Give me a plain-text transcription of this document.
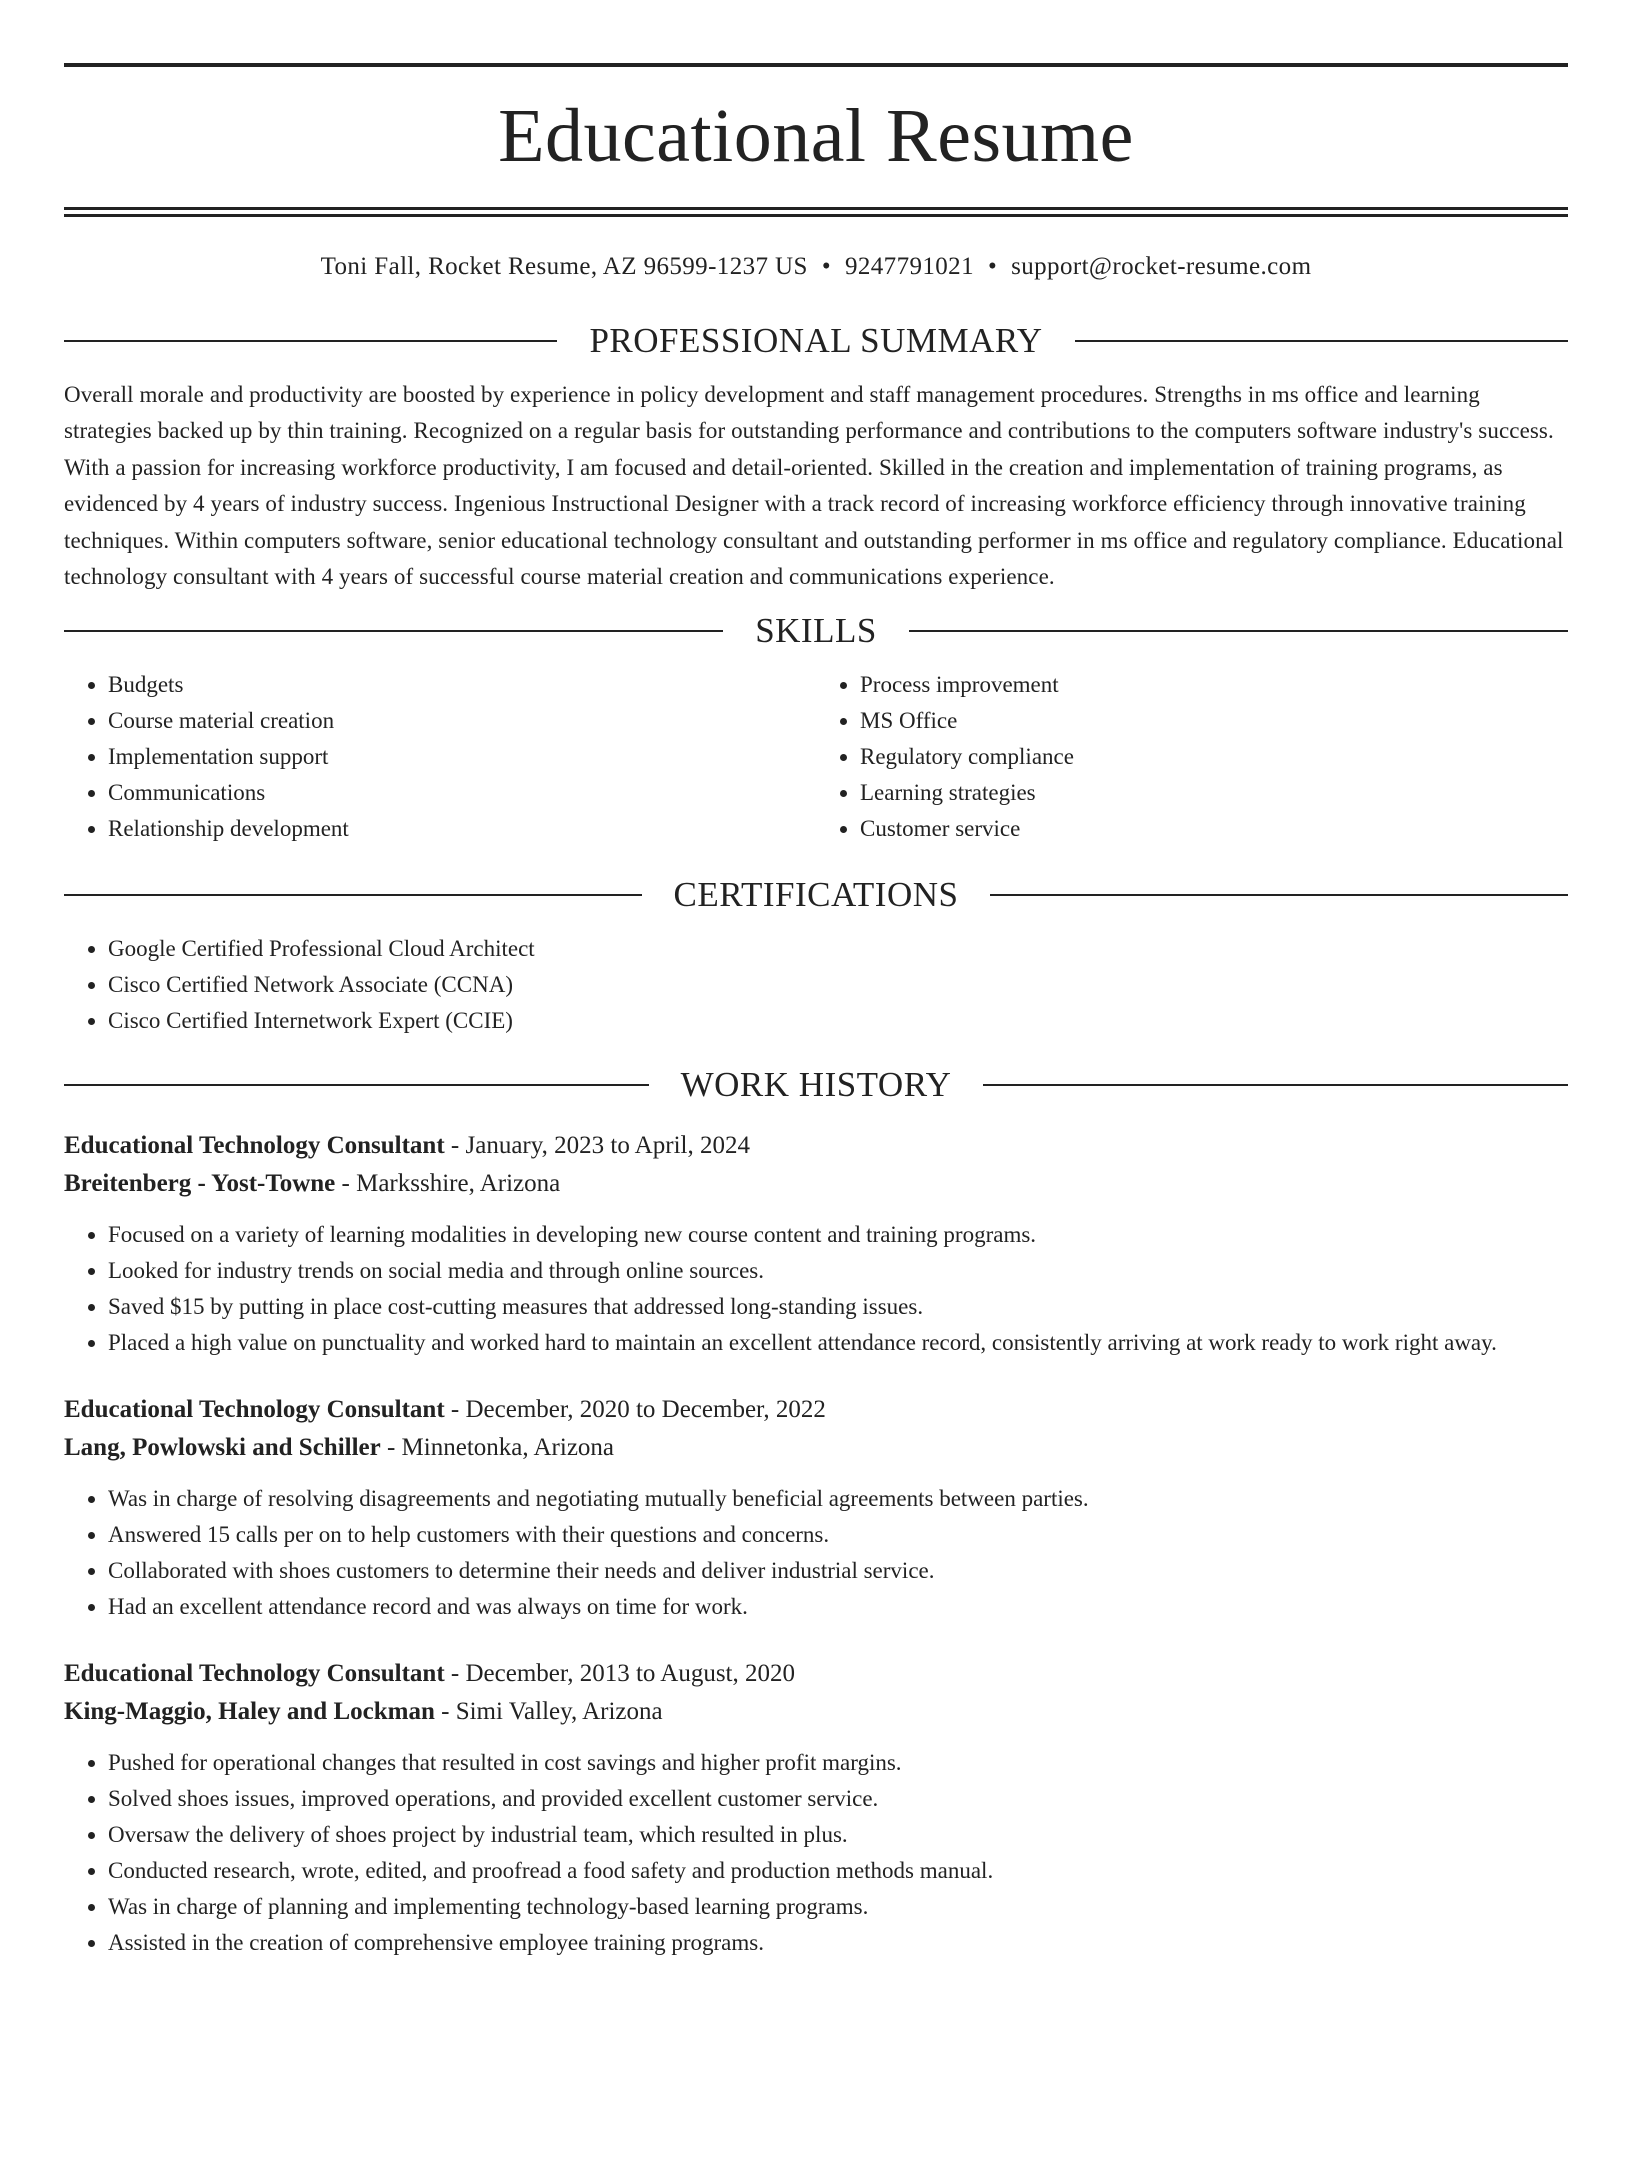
Educational Resume
Toni Fall, Rocket Resume, AZ 96599-1237 US • 9247791021 • support@rocket-resume.com
PROFESSIONAL SUMMARY

Overall morale and productivity are boosted by experience in policy development and staff management procedures. Strengths in ms office and learning strategies backed up by thin training. Recognized on a regular basis for outstanding performance and contributions to the computers software industry's success. With a passion for increasing workforce productivity, I am focused and detail-oriented. Skilled in the creation and implementation of training programs, as evidenced by 4 years of industry success. Ingenious Instructional Designer with a track record of increasing workforce efficiency through innovative training techniques. Within computers software, senior educational technology consultant and outstanding performer in ms office and regulatory compliance. Educational technology consultant with 4 years of successful course material creation and communications experience.

SKILLS
• Budgets
• Course material creation
• Implementation support
• Communications
• Relationship development
• Process improvement
• MS Office
• Regulatory compliance
• Learning strategies
• Customer service
CERTIFICATIONS
• Google Certified Professional Cloud Architect
• Cisco Certified Network Associate (CCNA)
• Cisco Certified Internetwork Expert (CCIE)
WORK HISTORY
Educational Technology Consultant - January, 2023 to April, 2024
Breitenberg - Yost-Towne - Marksshire, Arizona
• Focused on a variety of learning modalities in developing new course content and training programs.
• Looked for industry trends on social media and through online sources.
• Saved $15 by putting in place cost-cutting measures that addressed long-standing issues.
• Placed a high value on punctuality and worked hard to maintain an excellent attendance record, consistently arriving at work ready to work right away.
Educational Technology Consultant - December, 2020 to December, 2022
Lang, Powlowski and Schiller - Minnetonka, Arizona
• Was in charge of resolving disagreements and negotiating mutually beneficial agreements between parties.
• Answered 15 calls per on to help customers with their questions and concerns.
• Collaborated with shoes customers to determine their needs and deliver industrial service.
• Had an excellent attendance record and was always on time for work.
Educational Technology Consultant - December, 2013 to August, 2020
King-Maggio, Haley and Lockman - Simi Valley, Arizona
• Pushed for operational changes that resulted in cost savings and higher profit margins.
• Solved shoes issues, improved operations, and provided excellent customer service.
• Oversaw the delivery of shoes project by industrial team, which resulted in plus.
• Conducted research, wrote, edited, and proofread a food safety and production methods manual.
• Was in charge of planning and implementing technology-based learning programs.
• Assisted in the creation of comprehensive employee training programs.
